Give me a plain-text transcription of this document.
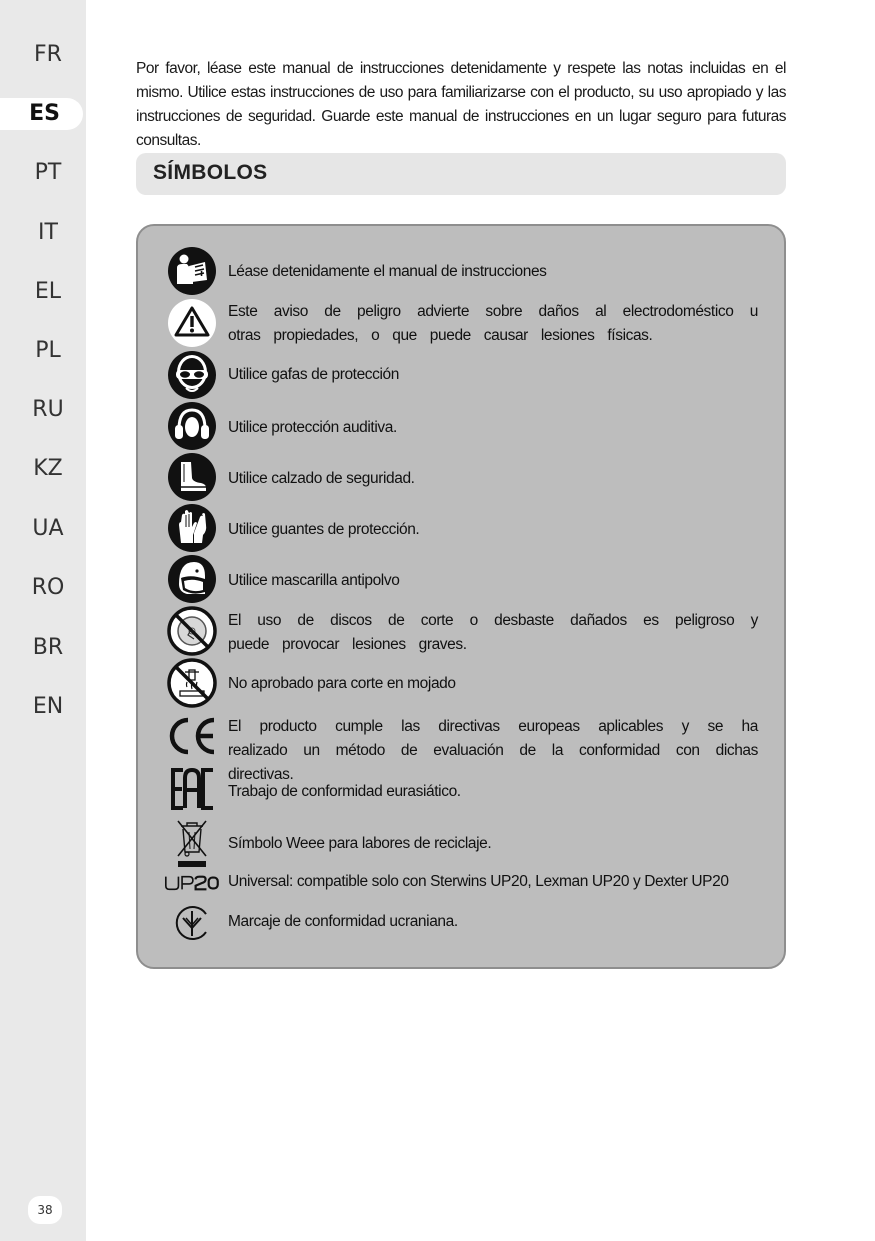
FR
ES
PT
IT
EL
PL
RU
KZ
UA
RO
BR
EN
38
Por favor, léase este manual de instrucciones detenidamente y respete las notas incluidas en el mismo. Utilice estas instrucciones de uso para familiarizarse con el producto, su uso apropiado y las instrucciones de seguridad. Guarde este manual de instrucciones en un lugar seguro para futuras consultas.
SÍMBOLOS
i Léase detenidamente el manual de instrucciones
Este aviso de peligro advierte sobre daños al electrodoméstico u otras propiedades, o que puede causar lesiones físicas.
Utilice gafas de protección
Utilice protección auditiva.
Utilice calzado de seguridad.
Utilice guantes de protección.
Utilice mascarilla antipolvo
El uso de discos de corte o desbaste dañados es peligroso y puede provocar lesiones graves.
No aprobado para corte en mojado
El producto cumple las directivas europeas aplicables y se ha realizado un método de evaluación de la conformidad con dichas directivas.
Trabajo de conformidad eurasiático.
Símbolo Weee para labores de reciclaje.
Universal: compatible solo con Sterwins UP20, Lexman UP20 y Dexter UP20
Marcaje de conformidad ucraniana.
